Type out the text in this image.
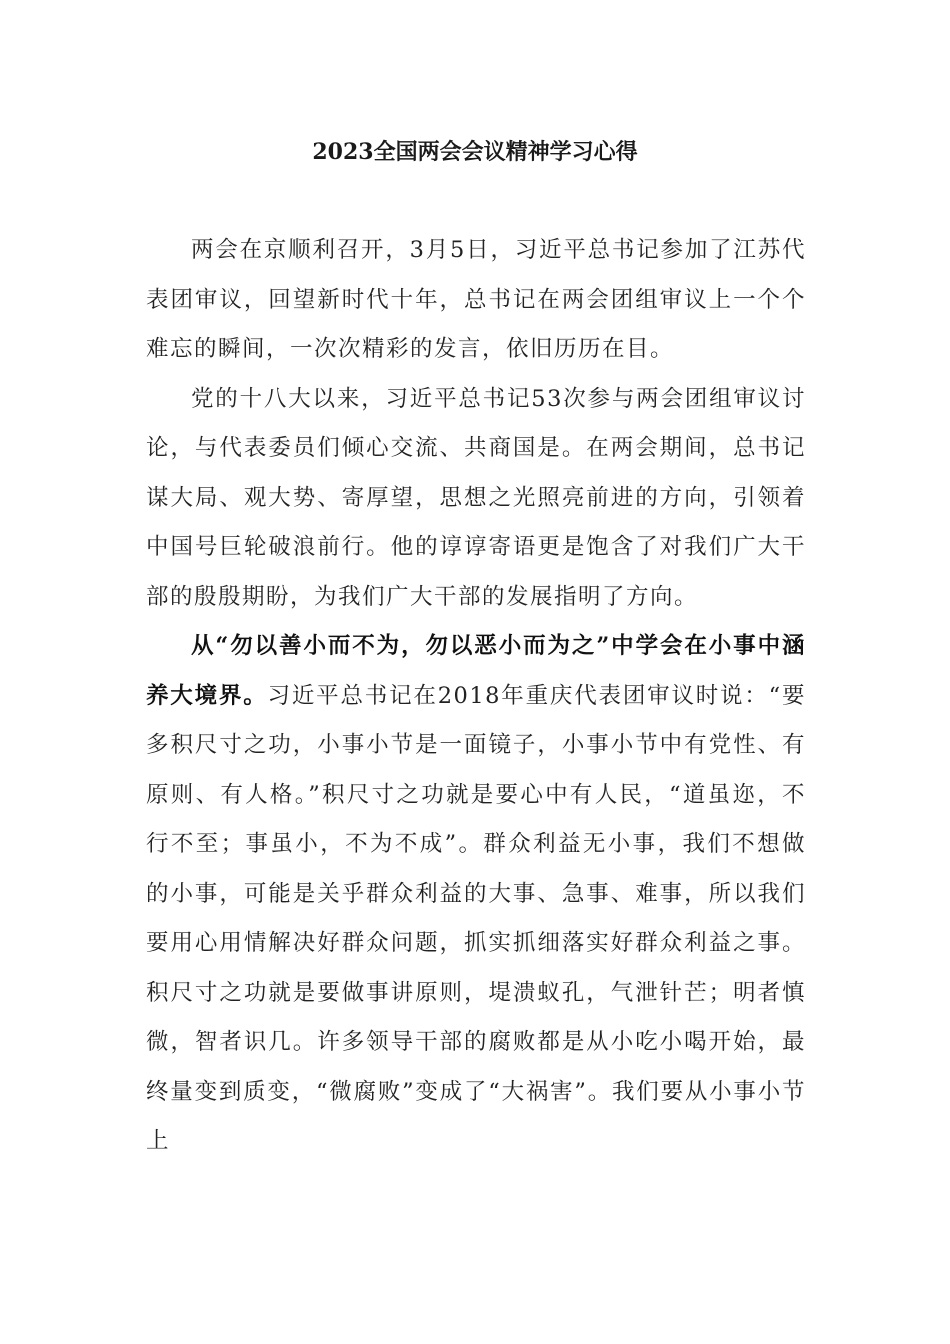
2023全国两会会议精神学习心得

两会在京顺利召开，3月5日，习近平总书记参加了江苏代表团审议，回望新时代十年，总书记在两会团组审议上一个个难忘的瞬间，一次次精彩的发言，依旧历历在目。

党的十八大以来，习近平总书记53次参与两会团组审议讨论，与代表委员们倾心交流、共商国是。在两会期间，总书记谋大局、观大势、寄厚望，思想之光照亮前进的方向，引领着中国号巨轮破浪前行。他的谆谆寄语更是饱含了对我们广大干部的殷殷期盼，为我们广大干部的发展指明了方向。

从“勿以善小而不为，勿以恶小而为之”中学会在小事中涵养大境界。习近平总书记在2018年重庆代表团审议时说：“要多积尺寸之功，小事小节是一面镜子，小事小节中有党性、有原则、有人格。”积尺寸之功就是要心中有人民，“道虽迩，不行不至；事虽小，不为不成”。群众利益无小事，我们不想做的小事，可能是关乎群众利益的大事、急事、难事，所以我们要用心用情解决好群众问题，抓实抓细落实好群众利益之事。积尺寸之功就是要做事讲原则，堤溃蚁孔，气泄针芒；明者慎微，智者识几。许多领导干部的腐败都是从小吃小喝开始，最终量变到质变，“微腐败”变成了“大祸害”。我们要从小事小节上
